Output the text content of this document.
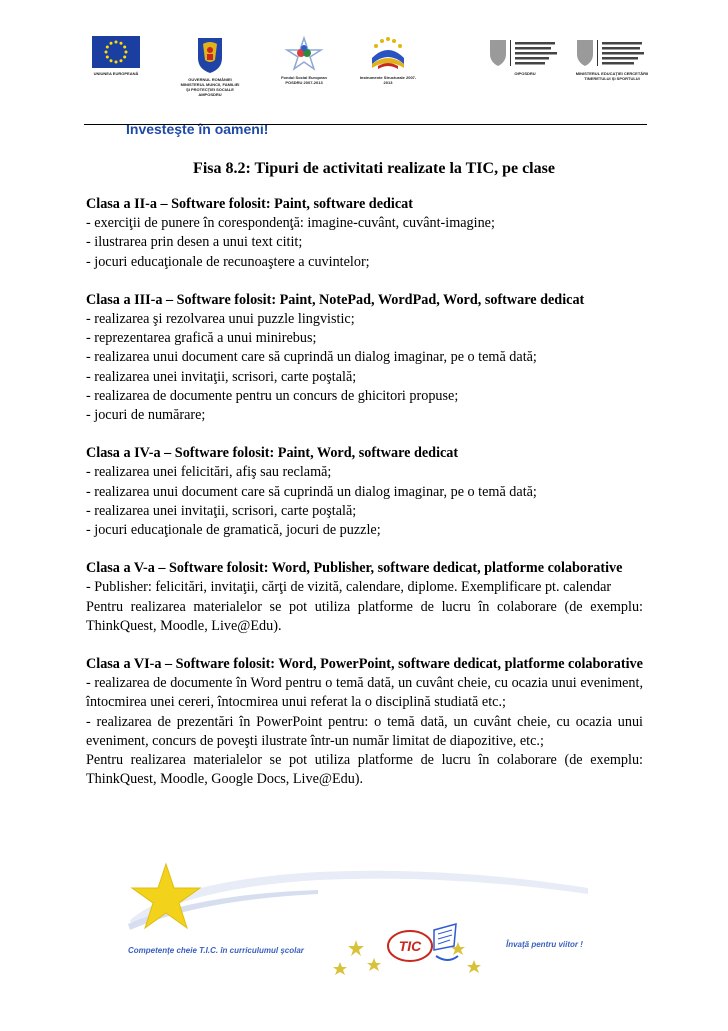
UNIUNEA EUROPEANĂ
GUVERNUL ROMÂNIEI MINISTERUL MUNCII, FAMILIEI ŞI PROTECŢIEI SOCIALE AMPOSDRU
Fondul Social European POSDRU 2007-2013
Instrumente Structurale 2007-2013
OIPOSDRU	MINISTERUL EDUCAŢIEI CERCETĂRII TINERETULUI ŞI SPORTULUI
Investeşte în oameni!
Fisa 8.2: Tipuri de activitati realizate la TIC, pe clase

Clasa a II-a – Software folosit: Paint, software dedicat

- exerciţii de punere în corespondenţă: imagine-cuvânt, cuvânt-imagine;

- ilustrarea prin desen a unui text citit;

- jocuri educaţionale de recunoaştere a cuvintelor;

Clasa a III-a – Software folosit: Paint, NotePad, WordPad, Word, software dedicat

- realizarea şi rezolvarea unui puzzle lingvistic;

- reprezentarea grafică a unui minirebus;

- realizarea unui document care să cuprindă un dialog imaginar, pe o temă dată;

- realizarea unei invitaţii, scrisori, carte poştală;

- realizarea de documente pentru un concurs de ghicitori propuse;

- jocuri de numărare;

Clasa a IV-a – Software folosit: Paint, Word, software dedicat

- realizarea unei felicitări, afiş sau reclamă;

- realizarea unui document care să cuprindă un dialog imaginar, pe o temă dată;

- realizarea unei invitaţii, scrisori, carte poştală;

- jocuri educaţionale de gramatică, jocuri de puzzle;

Clasa a V-a – Software folosit: Word, Publisher, software dedicat, platforme colaborative

- Publisher: felicitări, invitaţii, cărţi de vizită, calendare, diplome. Exemplificare pt. calendar

Pentru realizarea materialelor se pot utiliza platforme de lucru în colaborare (de exemplu: ThinkQuest, Moodle, Live@Edu).

Clasa a VI-a – Software folosit: Word, PowerPoint, software dedicat, platforme colaborative

- realizarea de documente în Word pentru o temă dată, un cuvânt cheie, cu ocazia unui eveniment, întocmirea unei cereri, întocmirea unui referat la o disciplină studiată etc.;

- realizarea de prezentări în PowerPoint pentru: o temă dată, un cuvânt cheie, cu ocazia unui eveniment, concurs de poveşti ilustrate într-un număr limitat de diapozitive, etc.;

Pentru realizarea materialelor se pot utiliza platforme de lucru în colaborare (de exemplu: ThinkQuest, Moodle, Google Docs, Live@Edu).

TIC
Competenţe cheie T.I.C. în curriculumul şcolar
Învaţă pentru viitor !
